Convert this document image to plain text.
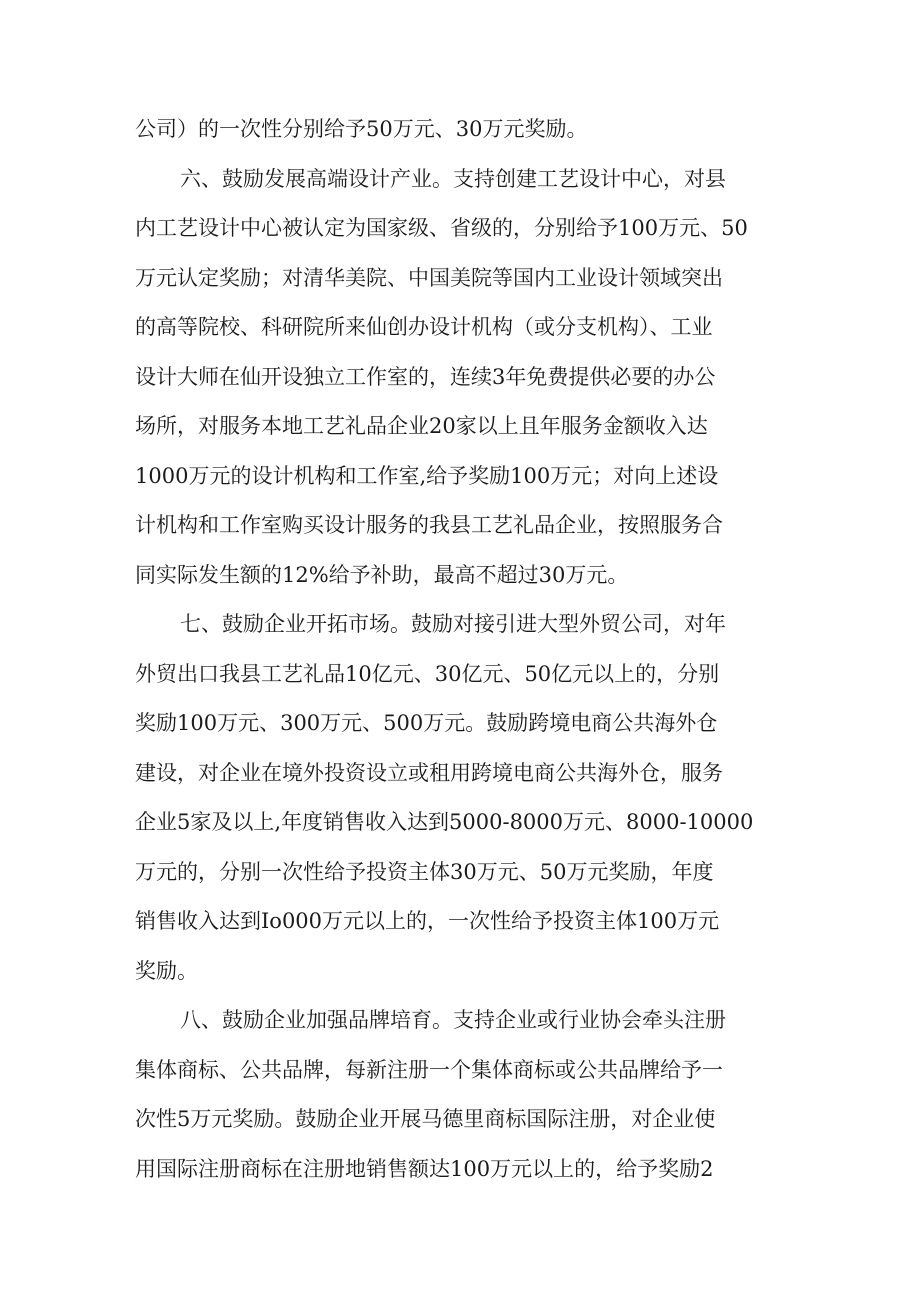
公司）的一次性分别给予50万元、30万元奖励。
六、鼓励发展高端设计产业。支持创建工艺设计中心，对县
内工艺设计中心被认定为国家级、省级的，分别给予100万元、50
万元认定奖励；对清华美院、中国美院等国内工业设计领域突出
的高等院校、科研院所来仙创办设计机构（或分支机构）、工业
设计大师在仙开设独立工作室的，连续3年免费提供必要的办公
场所，对服务本地工艺礼品企业20家以上且年服务金额收入达
1000万元的设计机构和工作室,给予奖励100万元；对向上述设
计机构和工作室购买设计服务的我县工艺礼品企业，按照服务合
同实际发生额的12%给予补助，最高不超过30万元。
七、鼓励企业开拓市场。鼓励对接引进大型外贸公司，对年
外贸出口我县工艺礼品10亿元、30亿元、50亿元以上的，分别
奖励100万元、300万元、500万元。鼓励跨境电商公共海外仓
建设，对企业在境外投资设立或租用跨境电商公共海外仓，服务
企业5家及以上,年度销售收入达到5000-8000万元、8000-10000
万元的，分别一次性给予投资主体30万元、50万元奖励，年度
销售收入达到Io000万元以上的，一次性给予投资主体100万元
奖励。
八、鼓励企业加强品牌培育。支持企业或行业协会牵头注册
集体商标、公共品牌，每新注册一个集体商标或公共品牌给予一
次性5万元奖励。鼓励企业开展马德里商标国际注册，对企业使
用国际注册商标在注册地销售额达100万元以上的，给予奖励2
